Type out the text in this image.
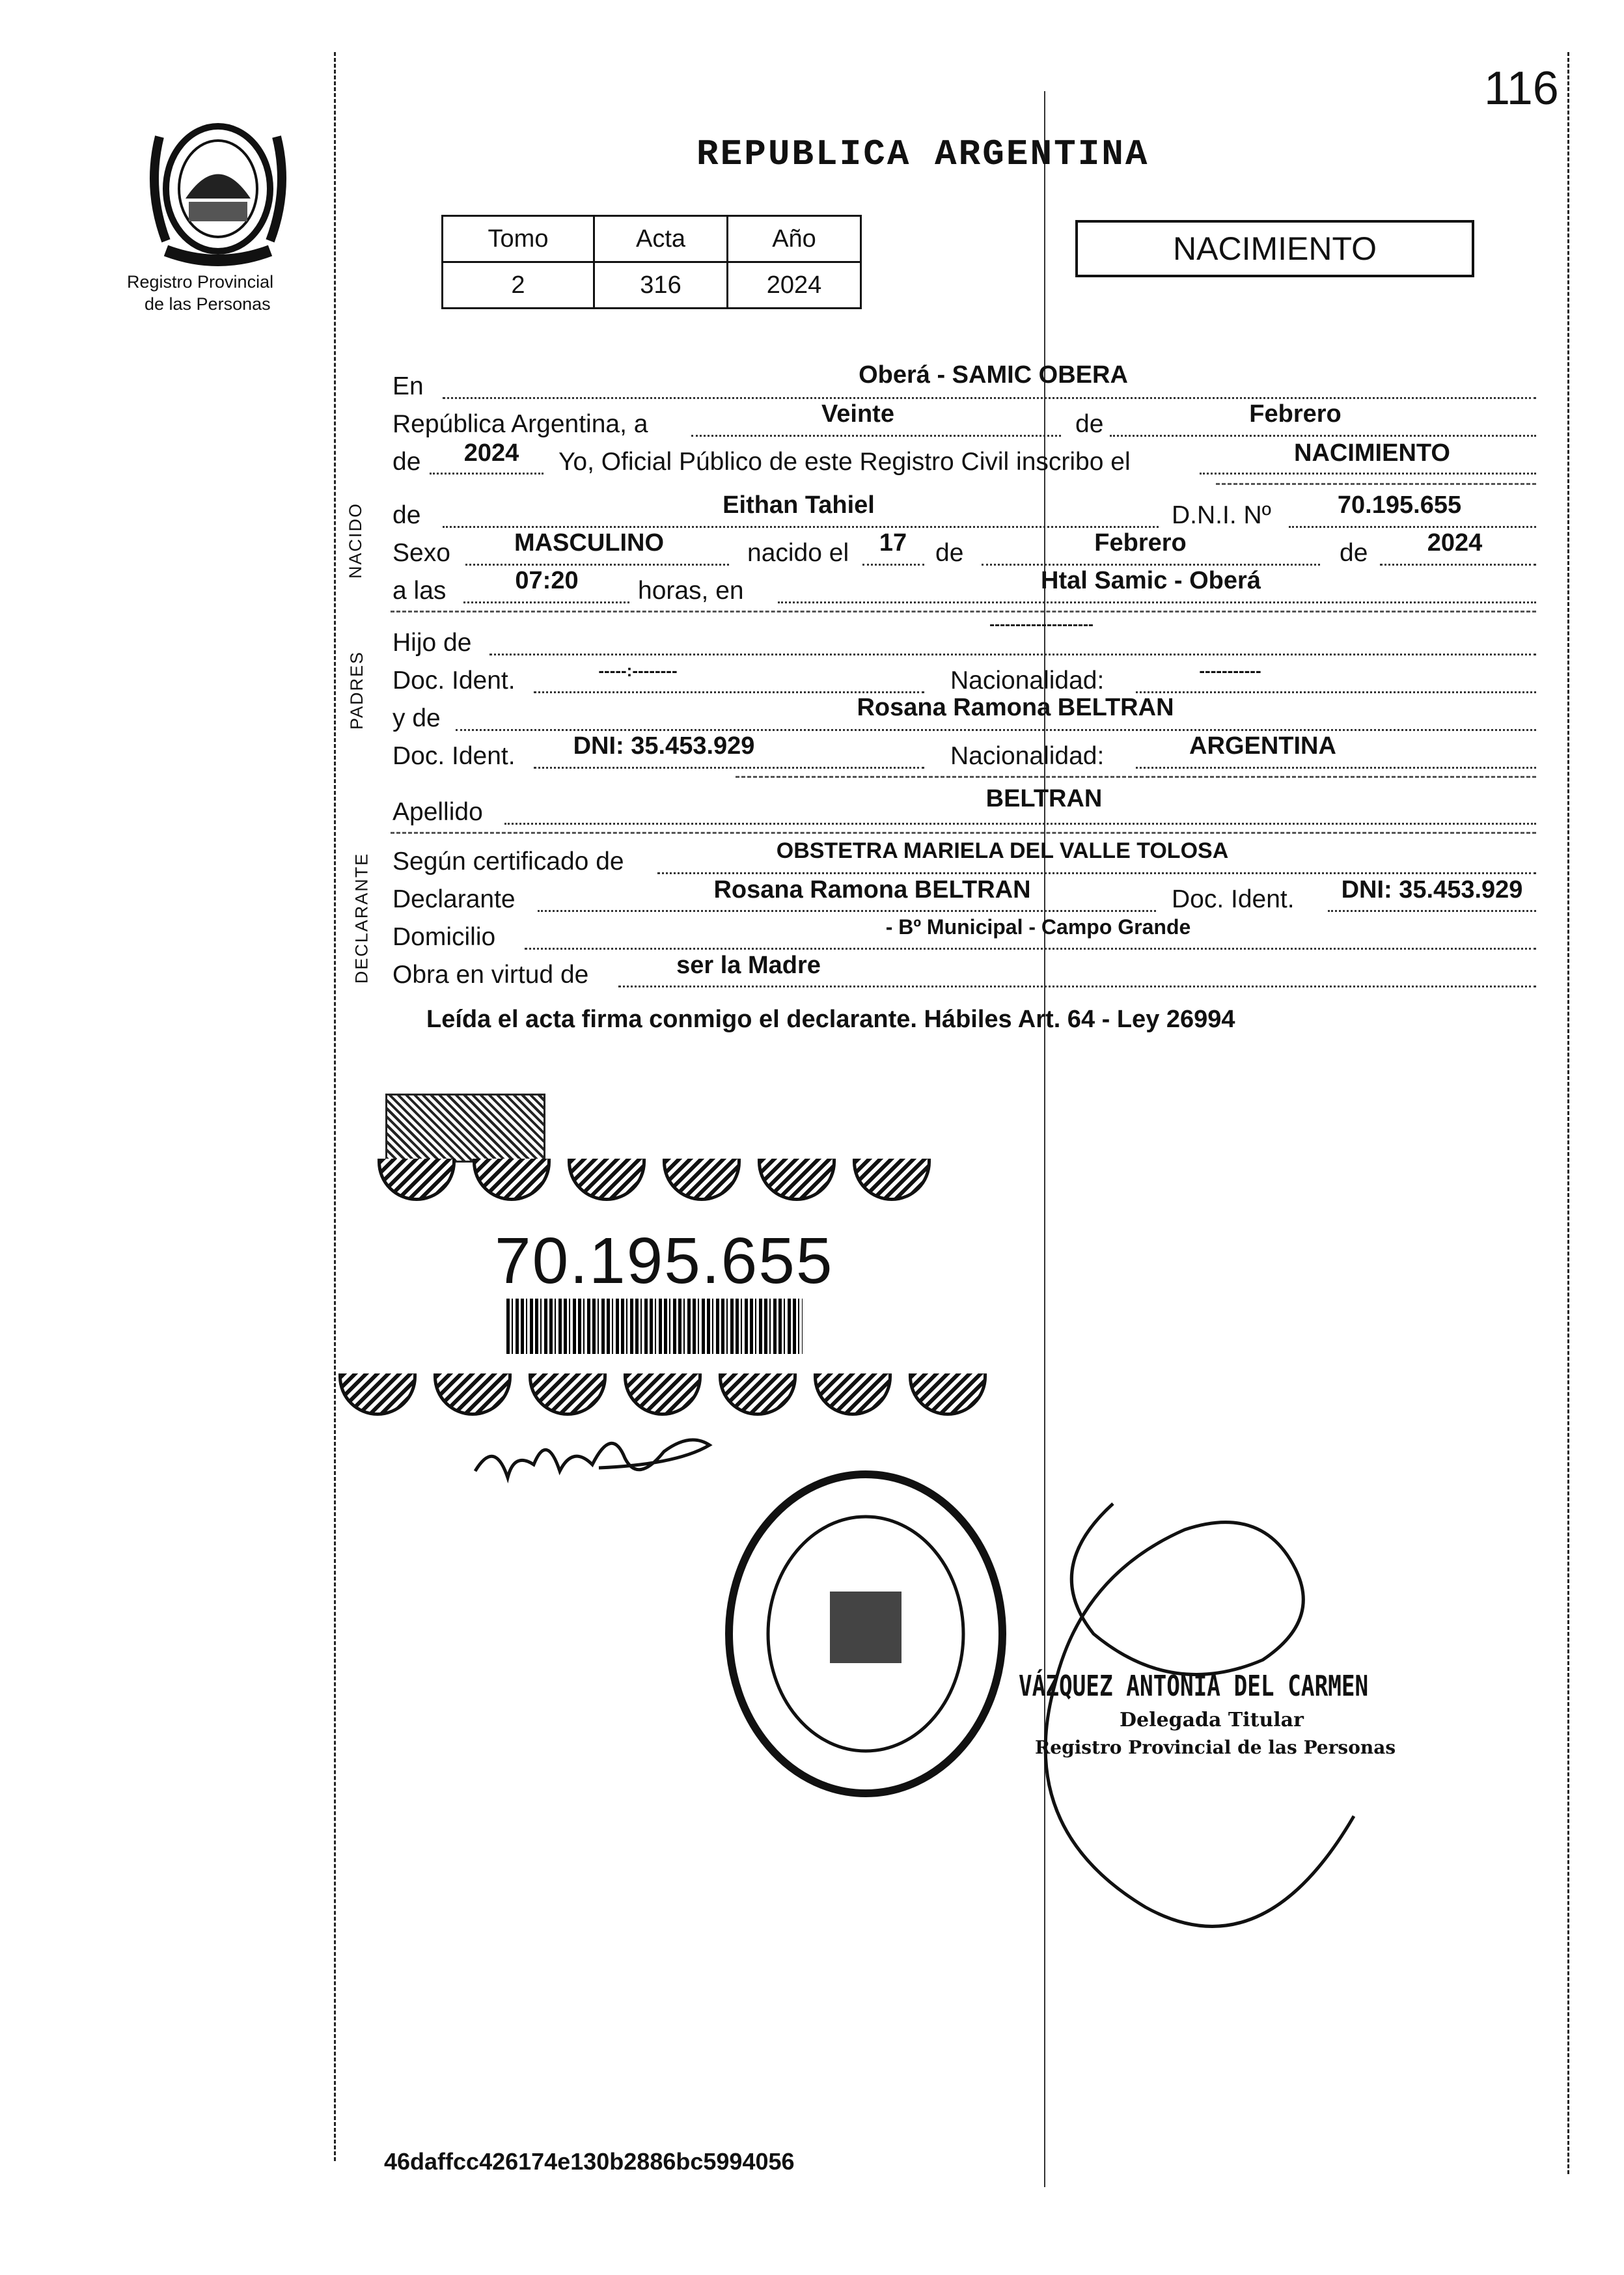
116
Registro Provincial
de las Personas
REPUBLICA ARGENTINA
Tomo	Acta	Año
2	316	2024
NACIMIENTO
NACIDO
PADRES
DECLARANTE
En	Oberá - SAMIC OBERA
República Argentina, a	Veinte	de	Febrero
de 2024 Yo, Oficial Público de este Registro Civil inscribo el	NACIMIENTO
de	Eithan Tahiel	D.N.I. Nº	70.195.655
Sexo	MASCULINO	nacido el 17 de	Febrero	de 2024
a las	07:20 horas, en	Htal Samic - Oberá
Hijo de
--------------------
Doc. Ident.	-----:--------	Nacionalidad:	-----------
y de	Rosana Ramona BELTRAN
Doc. Ident. DNI: 35.453.929	Nacionalidad:	ARGENTINA
Apellido	BELTRAN
Según certificado de	OBSTETRA MARIELA DEL VALLE TOLOSA
Declarante	Rosana Ramona BELTRAN	Doc. Ident. DNI: 35.453.929
Domicilio	- Bº Municipal - Campo Grande
Obra en virtud de	ser la Madre
Leída el acta firma conmigo el declarante. Hábiles Art. 64 - Ley 26994
70.195.655
VÁZQUEZ ANTONIA DEL CARMEN
Delegada Titular
Registro Provincial de las Personas
46daffcc426174e130b2886bc5994056
